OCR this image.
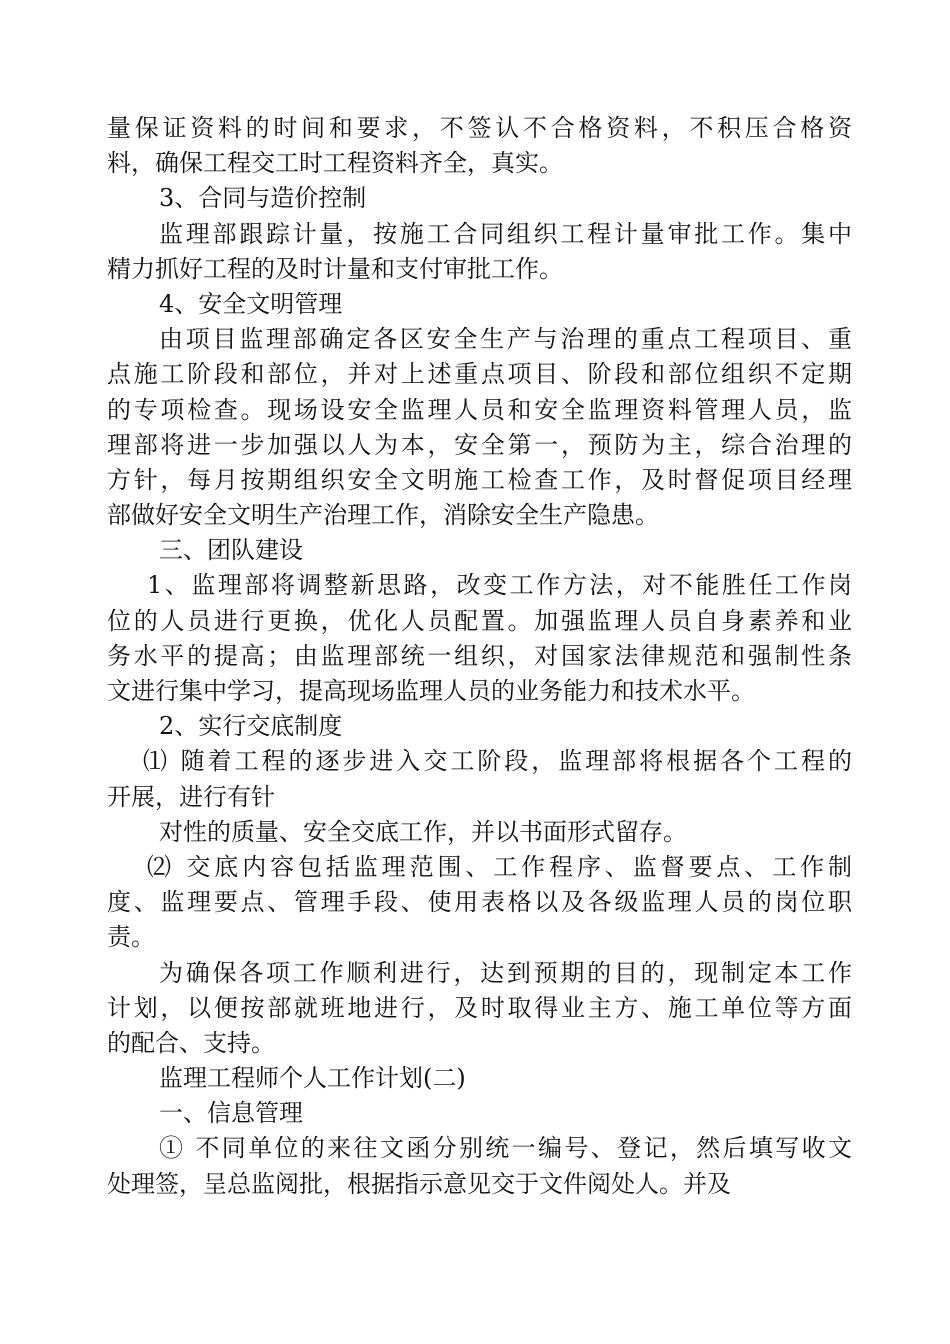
量保证资料的时间和要求，不签认不合格资料，不积压合格资
料，确保工程交工时工程资料齐全，真实。
3、合同与造价控制
监理部跟踪计量，按施工合同组织工程计量审批工作。集中
精力抓好工程的及时计量和支付审批工作。
4、安全文明管理
由项目监理部确定各区安全生产与治理的重点工程项目、重
点施工阶段和部位，并对上述重点项目、阶段和部位组织不定期
的专项检查。现场设安全监理人员和安全监理资料管理人员，监
理部将进一步加强以人为本，安全第一，预防为主，综合治理的
方针，每月按期组织安全文明施工检查工作，及时督促项目经理
部做好安全文明生产治理工作，消除安全生产隐患。
三、团队建设
1、监理部将调整新思路，改变工作方法，对不能胜任工作岗
位的人员进行更换，优化人员配置。加强监理人员自身素养和业
务水平的提高；由监理部统一组织，对国家法律规范和强制性条
文进行集中学习，提高现场监理人员的业务能力和技术水平。
2、实行交底制度
⑴ 随着工程的逐步进入交工阶段，监理部将根据各个工程的
开展，进行有针
对性的质量、安全交底工作，并以书面形式留存。
⑵ 交底内容包括监理范围、工作程序、监督要点、工作制
度、监理要点、管理手段、使用表格以及各级监理人员的岗位职
责。
为确保各项工作顺利进行，达到预期的目的，现制定本工作
计划，以便按部就班地进行，及时取得业主方、施工单位等方面
的配合、支持。
监理工程师个人工作计划(二)
一、信息管理
① 不同单位的来往文函分别统一编号、登记，然后填写收文
处理签，呈总监阅批，根据指示意见交于文件阅处人。并及
